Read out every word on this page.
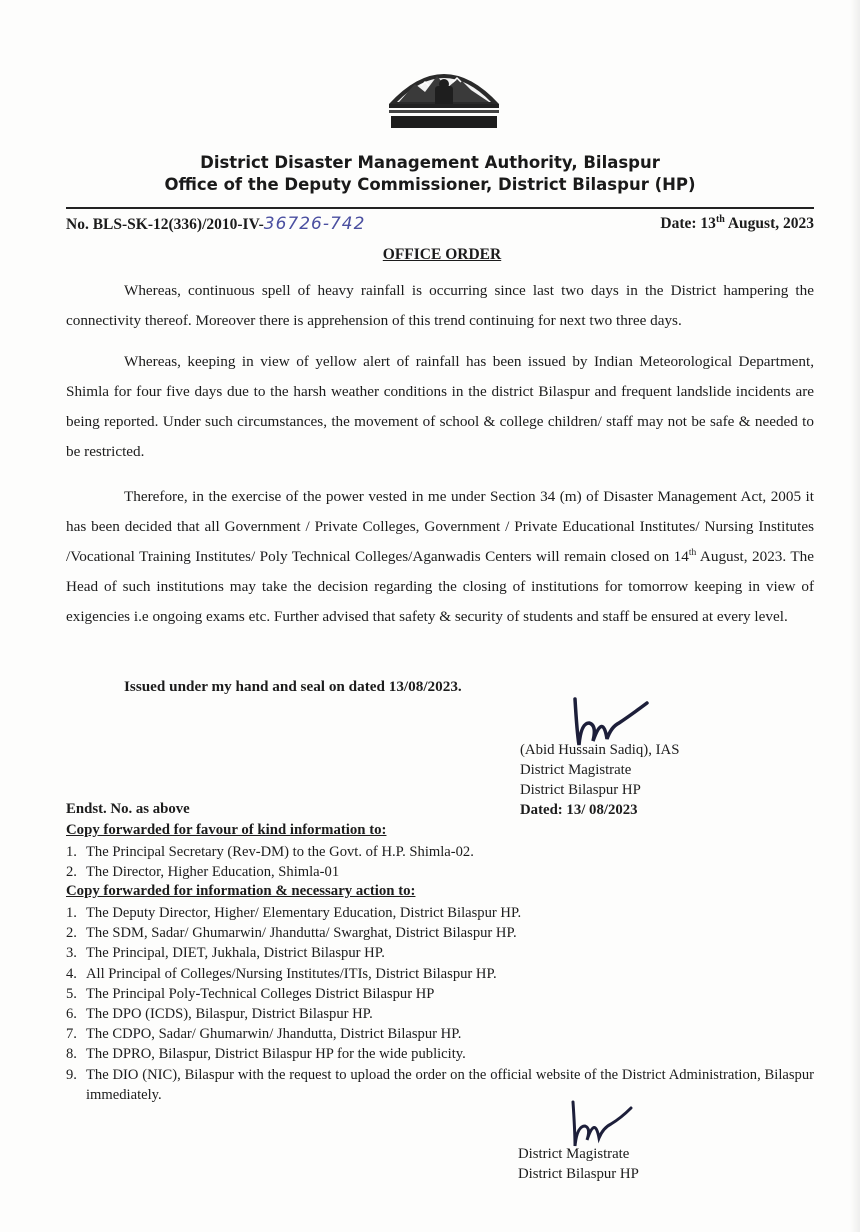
District Disaster Management Authority, Bilaspur
Office of the Deputy Commissioner, District Bilaspur (HP)
No. BLS-SK-12(336)/2010-IV-36726-742	Date: 13th August, 2023
OFFICE ORDER

Whereas, continuous spell of heavy rainfall is occurring since last two days in the District hampering the connectivity thereof. Moreover there is apprehension of this trend continuing for next two three days.

Whereas, keeping in view of yellow alert of rainfall has been issued by Indian Meteorological Department, Shimla for four five days due to the harsh weather conditions in the district Bilaspur and frequent landslide incidents are being reported. Under such circumstances, the movement of school & college children/ staff may not be safe & needed to be restricted.

Therefore, in the exercise of the power vested in me under Section 34 (m) of Disaster Management Act, 2005 it has been decided that all Government / Private Colleges, Government / Private Educational Institutes/ Nursing Institutes /Vocational Training Institutes/ Poly Technical Colleges/Aganwadis Centers will remain closed on 14th August, 2023. The Head of such institutions may take the decision regarding the closing of institutions for tomorrow keeping in view of exigencies i.e ongoing exams etc. Further advised that safety & security of students and staff be ensured at every level.

Issued under my hand and seal on dated 13/08/2023.
(Abid Hussain Sadiq), IAS
District Magistrate
District Bilaspur HP
Dated: 13/ 08/2023
Endst. No. as above
Copy forwarded for favour of kind information to:
1. The Principal Secretary (Rev-DM) to the Govt. of H.P. Shimla-02.
2. The Director, Higher Education, Shimla-01
Copy forwarded for information & necessary action to:
1. The Deputy Director, Higher/ Elementary Education, District Bilaspur HP.
2. The SDM, Sadar/ Ghumarwin/ Jhandutta/ Swarghat, District Bilaspur HP.
3. The Principal, DIET, Jukhala, District Bilaspur HP.
4. All Principal of Colleges/Nursing Institutes/ITIs, District Bilaspur HP.
5. The Principal Poly-Technical Colleges District Bilaspur HP
6. The DPO (ICDS), Bilaspur, District Bilaspur HP.
7. The CDPO, Sadar/ Ghumarwin/ Jhandutta, District Bilaspur HP.
8. The DPRO, Bilaspur, District Bilaspur HP for the wide publicity.
9. The DIO (NIC), Bilaspur with the request to upload the order on the official website of the District Administration, Bilaspur immediately.
District Magistrate
District Bilaspur HP
